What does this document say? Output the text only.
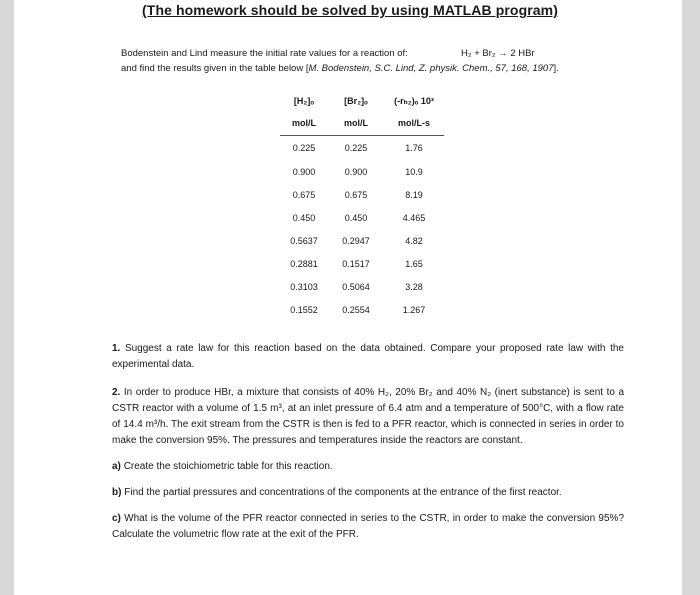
(The homework should be solved by using MATLAB program)
Bodenstein and Lind measure the initial rate values for a reaction of:	H₂ + Br₂ → 2 HBr
and find the results given in the table below [M. Bodenstein, S.C. Lind, Z. physik. Chem., 57, 168, 1907].
[H₂]ₒ	[Br₂]ₒ	(-rₕ₂)ₒ 10³
mol/L	mol/L	mol/L-s
0.225	0.225	1.76
0.900	0.900	10.9
0.675	0.675	8.19
0.450	0.450	4.465
0.5637	0.2947	4.82
0.2881	0.1517	1.65
0.3103	0.5064	3.28
0.1552	0.2554	1.267

1. Suggest a rate law for this reaction based on the data obtained. Compare your proposed rate law with the experimental data.

2. In order to produce HBr, a mixture that consists of 40% H₂, 20% Br₂ and 40% N₂ (inert substance) is sent to a CSTR reactor with a volume of 1.5 m³, at an inlet pressure of 6.4 atm and a temperature of 500°C, with a flow rate of 14.4 m³/h. The exit stream from the CSTR is then is fed to a PFR reactor, which is connected in series in order to make the conversion 95%. The pressures and temperatures inside the reactors are constant.

a) Create the stoichiometric table for this reaction.

b) Find the partial pressures and concentrations of the components at the entrance of the first reactor.

c) What is the volume of the PFR reactor connected in series to the CSTR, in order to make the conversion 95%? Calculate the volumetric flow rate at the exit of the PFR.
